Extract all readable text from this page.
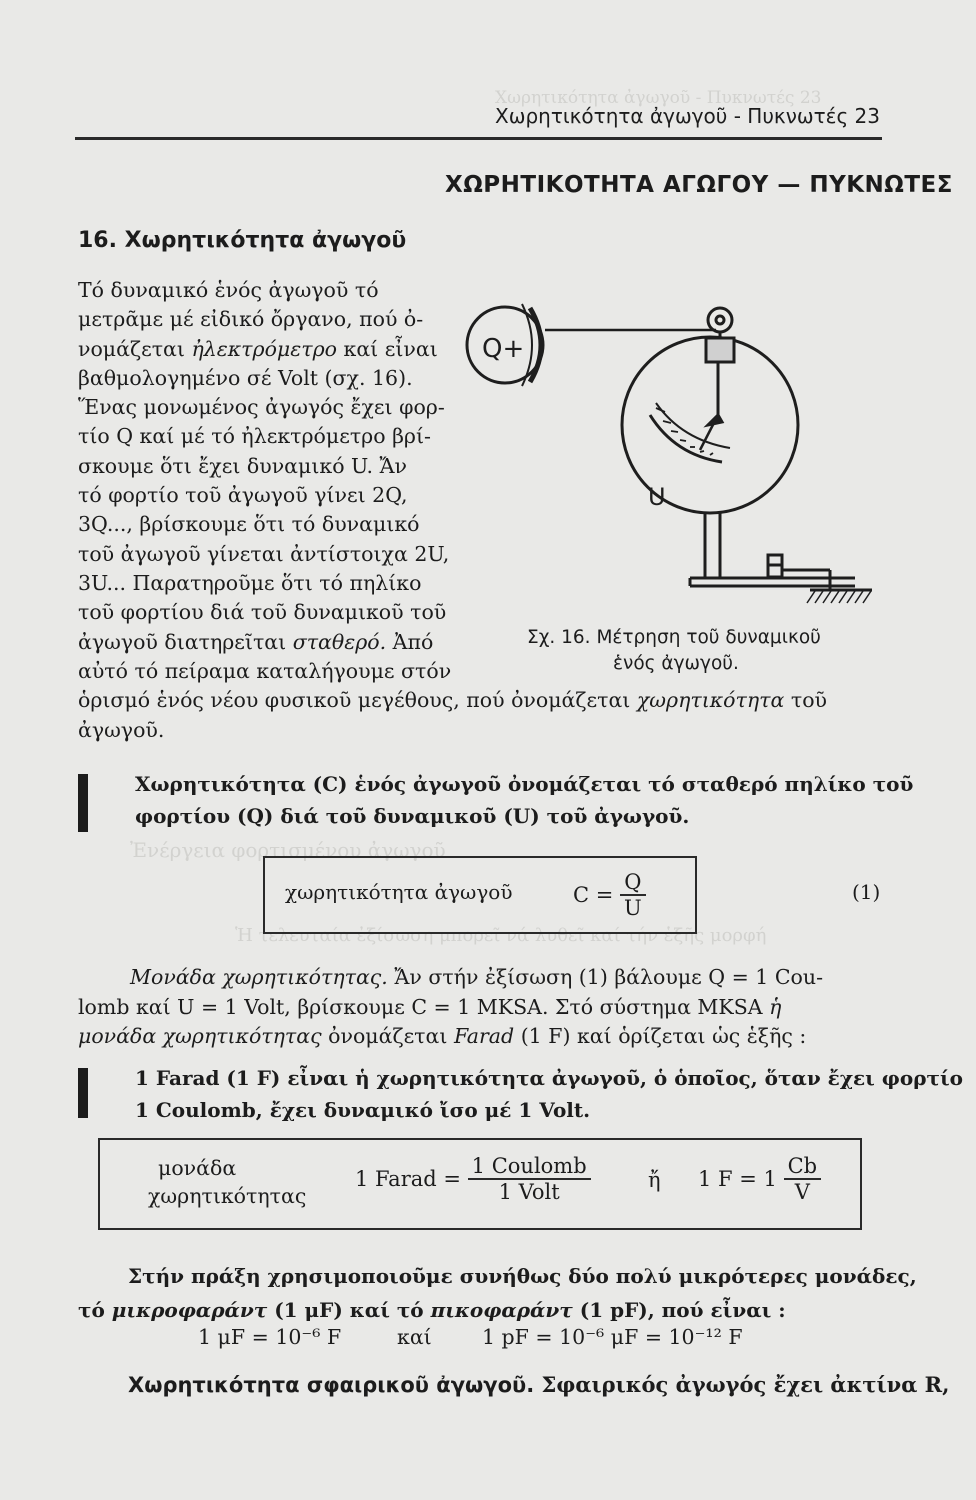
Χωρητικότητα ἀγωγοῦ - Πυκνωτές 23
Ἐνέργεια φορτισμένου ἀγωγοῦ
Ἡ τελευταία ἐξίσωση μπορεῖ νά λυθεῖ καί τήν ἑξῆς μορφή
Χωρητικότητα ἀγωγοῦ - Πυκνωτές 23
ΧΩΡΗΤΙΚΟΤΗΤΑ ΑΓΩΓΟΥ — ΠΥΚΝΩΤΕΣ
16. Χωρητικότητα ἀγωγοῦ
Τό δυναμικό ἑνός ἀγωγοῦ τό
μετρᾶμε μέ εἰδικό ὄργανο, πού ὀ-
νομάζεται ἠλεκτρόμετρο καί εἶναι
βαθμολογημένο σέ Volt (σχ. 16).
Ἕνας μονωμένος ἀγωγός ἔχει φορ-
τίο Q καί μέ τό ἠλεκτρόμετρο βρί-
σκουμε ὅτι ἔχει δυναμικό U. Ἄν
τό φορτίο τοῦ ἀγωγοῦ γίνει 2Q,
3Q..., βρίσκουμε ὅτι τό δυναμικό
τοῦ ἀγωγοῦ γίνεται ἀντίστοιχα 2U,
3U... Παρατηροῦμε ὅτι τό πηλίκο
τοῦ φορτίου διά τοῦ δυναμικοῦ τοῦ
ἀγωγοῦ διατηρεῖται σταθερό. Ἀπό
αὐτό τό πείραμα καταλήγουμε στόν
Q+
U
Σχ. 16. Μέτρηση τοῦ δυναμικοῦ
ἑνός ἀγωγοῦ.
ὁρισμό ἑνός νέου φυσικοῦ μεγέθους, πού ὀνομάζεται χωρητικότητα τοῦ
ἀγωγοῦ.
Χωρητικότητα (C) ἑνός ἀγωγοῦ ὀνομάζεται τό σταθερό πηλίκο τοῦ
φορτίου (Q) διά τοῦ δυναμικοῦ (U) τοῦ ἀγωγοῦ.
χωρητικότητα ἀγωγοῦ	$C = \frac{Q}{U}$	(1)
Μονάδα χωρητικότητας. Ἄν στήν ἐξίσωση (1) βάλουμε Q = 1 Cou-
lomb καί U = 1 Volt, βρίσκουμε C = 1 MKSA. Στό σύστημα MKSA ἡ
μονάδα χωρητικότητας ὀνομάζεται Farad (1 F) καί ὁρίζεται ὡς ἑξῆς :
1 Farad (1 F) εἶναι ἡ χωρητικότητα ἀγωγοῦ, ὁ ὁποῖος, ὅταν ἔχει φορτίο
1 Coulomb, ἔχει δυναμικό ἴσο μέ 1 Volt.
μονάδα
χωρητικότητας
1 Farad = $\frac{\text{1 Coulomb}}{\text{1 Volt}}$	ἤ 1 $F = 1 \frac{Cb}{V}$
Στήν πράξη χρησιμοποιοῦμε συνήθως δύο πολύ μικρότερες μονάδες,
τό μικροφαράντ (1 μF) καί τό πικοφαράντ (1 pF), πού εἶναι :
1 μF = 10⁻⁶ F	καί 1 pF = 10⁻⁶ μF = 10⁻¹² F
Χωρητικότητα σφαιρικοῦ ἀγωγοῦ. Σφαιρικός ἀγωγός ἔχει ἀκτίνα R,
